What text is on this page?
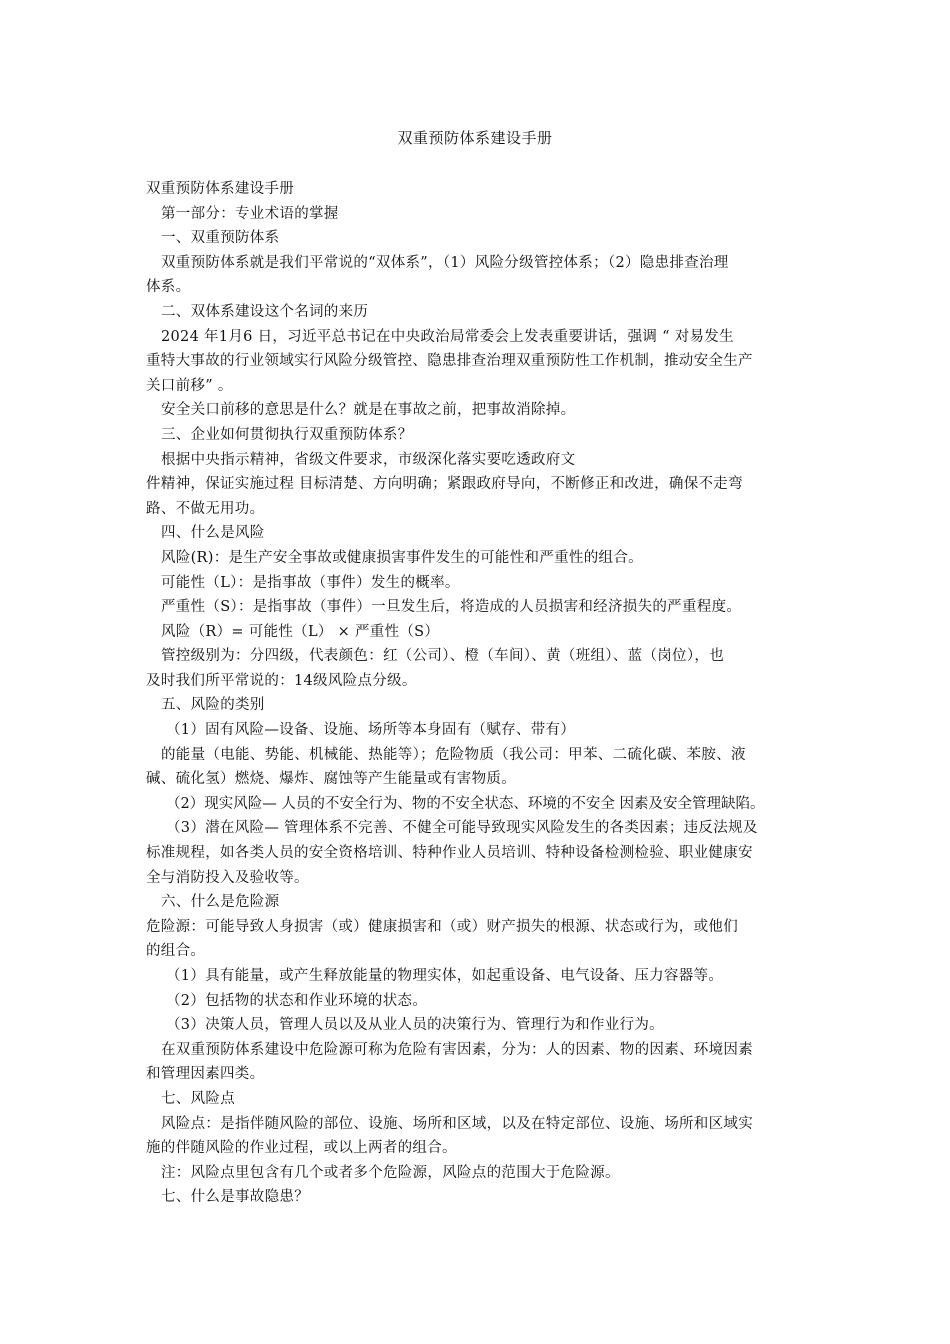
双重预防体系建设手册
双重预防体系建设手册
第一部分：专业术语的掌握
一、双重预防体系
双重预防体系就是我们平常说的“双体系”，（1）风险分级管控体系；（2）隐患排查治理
体系。
二、双体系建设这个名词的来历
2024 年1月6 日，习近平总书记在中央政治局常委会上发表重要讲话，强调 “ 对易发生
重特大事故的行业领域实行风险分级管控、隐患排查治理双重预防性工作机制，推动安全生产
关口前移” 。
安全关口前移的意思是什么？就是在事故之前，把事故消除掉。
三、企业如何贯彻执行双重预防体系？
根据中央指示精神，省级文件要求，市级深化落实要吃透政府文
件精神，保证实施过程 目标清楚、方向明确；紧跟政府导向，不断修正和改进，确保不走弯
路、不做无用功。
四、什么是风险
风险(R)：是生产安全事故或健康损害事件发生的可能性和严重性的组合。
可能性（L）：是指事故（事件）发生的概率。
严重性（S）：是指事故（事件）一旦发生后，将造成的人员损害和经济损失的严重程度。
风险（R）= 可能性（L） × 严重性（S）
管控级别为：分四级，代表颜色：红（公司）、橙（车间）、黄（班组）、蓝（岗位），也
及时我们所平常说的：14级风险点分级。
五、风险的类别
（1）固有风险—设备、设施、场所等本身固有（赋存、带有）
的能量（电能、势能、机械能、热能等）；危险物质（我公司：甲苯、二硫化碳、苯胺、液
碱、硫化氢）燃烧、爆炸、腐蚀等产生能量或有害物质。
（2）现实风险— 人员的不安全行为、物的不安全状态、环境的不安全 因素及安全管理缺陷。
（3）潜在风险— 管理体系不完善、不健全可能导致现实风险发生的各类因素；违反法规及
标准规程，如各类人员的安全资格培训、特种作业人员培训、特种设备检测检验、职业健康安
全与消防投入及验收等。
六、什么是危险源
危险源：可能导致人身损害（或）健康损害和（或）财产损失的根源、状态或行为，或他们
的组合。
（1）具有能量，或产生释放能量的物理实体，如起重设备、电气设备、压力容器等。
（2）包括物的状态和作业环境的状态。
（3）决策人员，管理人员以及从业人员的决策行为、管理行为和作业行为。
在双重预防体系建设中危险源可称为危险有害因素，分为：人的因素、物的因素、环境因素
和管理因素四类。
七、风险点
风险点：是指伴随风险的部位、设施、场所和区域，以及在特定部位、设施、场所和区域实
施的伴随风险的作业过程，或以上两者的组合。
注：风险点里包含有几个或者多个危险源，风险点的范围大于危险源。
七、什么是事故隐患？
